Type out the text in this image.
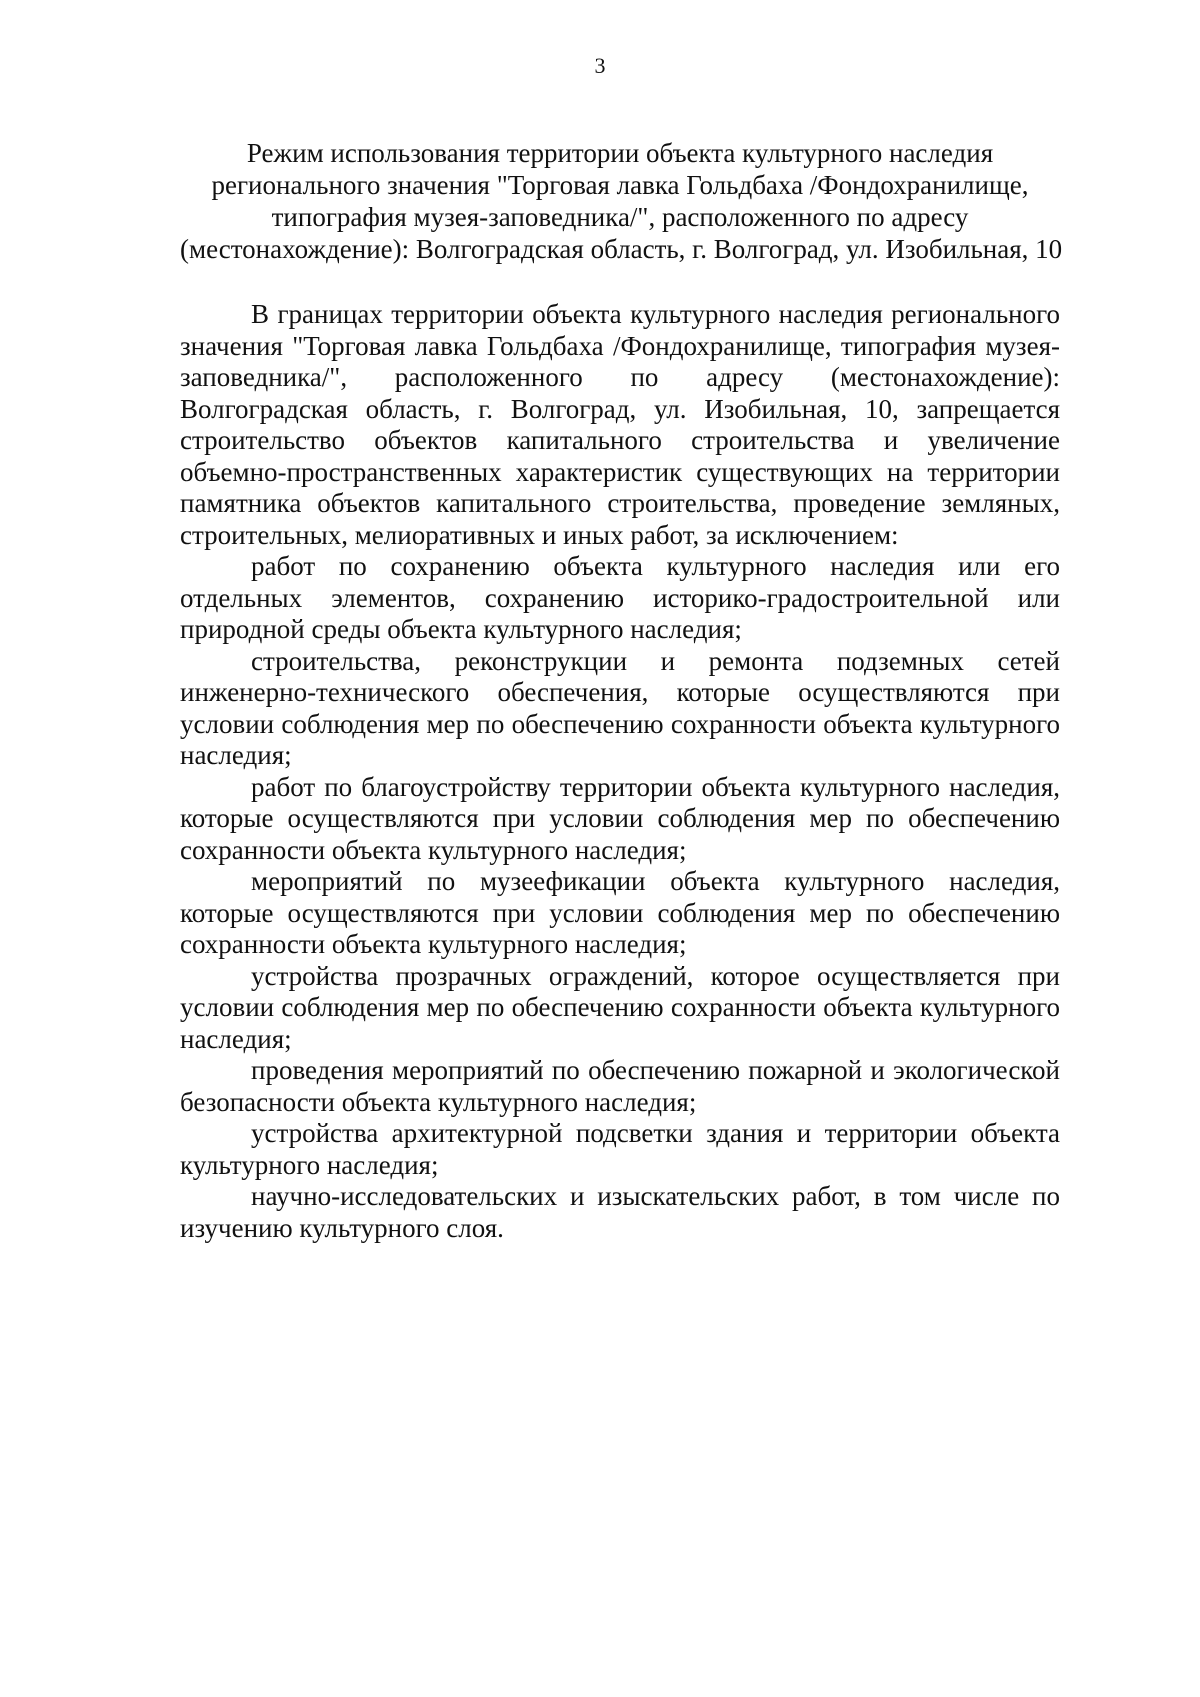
3
Режим использования территории объекта культурного наследия
регионального значения "Торговая лавка Гольдбаха /Фондохранилище,
типография музея-заповедника/", расположенного по адресу
(местонахождение): Волгоградская область, г. Волгоград, ул. Изобильная, 10

В границах территории объекта культурного наследия регионального значения "Торговая лавка Гольдбаха /Фондохранилище, типография музея-заповедника/", расположенного по адресу (местонахождение): Волгоградская область, г. Волгоград, ул. Изобильная, 10, запрещается строительство объектов капитального строительства и увеличение объемно-пространственных характеристик существующих на территории памятника объектов капитального строительства, проведение земляных, строительных, мелиоративных и иных работ, за исключением:

работ по сохранению объекта культурного наследия или его отдельных элементов, сохранению историко-градостроительной или природной среды объекта культурного наследия;

строительства, реконструкции и ремонта подземных сетей инженерно-технического обеспечения, которые осуществляются при условии соблюдения мер по обеспечению сохранности объекта культурного наследия;

работ по благоустройству территории объекта культурного наследия, которые осуществляются при условии соблюдения мер по обеспечению сохранности объекта культурного наследия;

мероприятий по музеефикации объекта культурного наследия, которые осуществляются при условии соблюдения мер по обеспечению сохранности объекта культурного наследия;

устройства прозрачных ограждений, которое осуществляется при условии соблюдения мер по обеспечению сохранности объекта культурного наследия;

проведения мероприятий по обеспечению пожарной и экологической безопасности объекта культурного наследия;

устройства архитектурной подсветки здания и территории объекта культурного наследия;

научно-исследовательских и изыскательских работ, в том числе по изучению культурного слоя.
